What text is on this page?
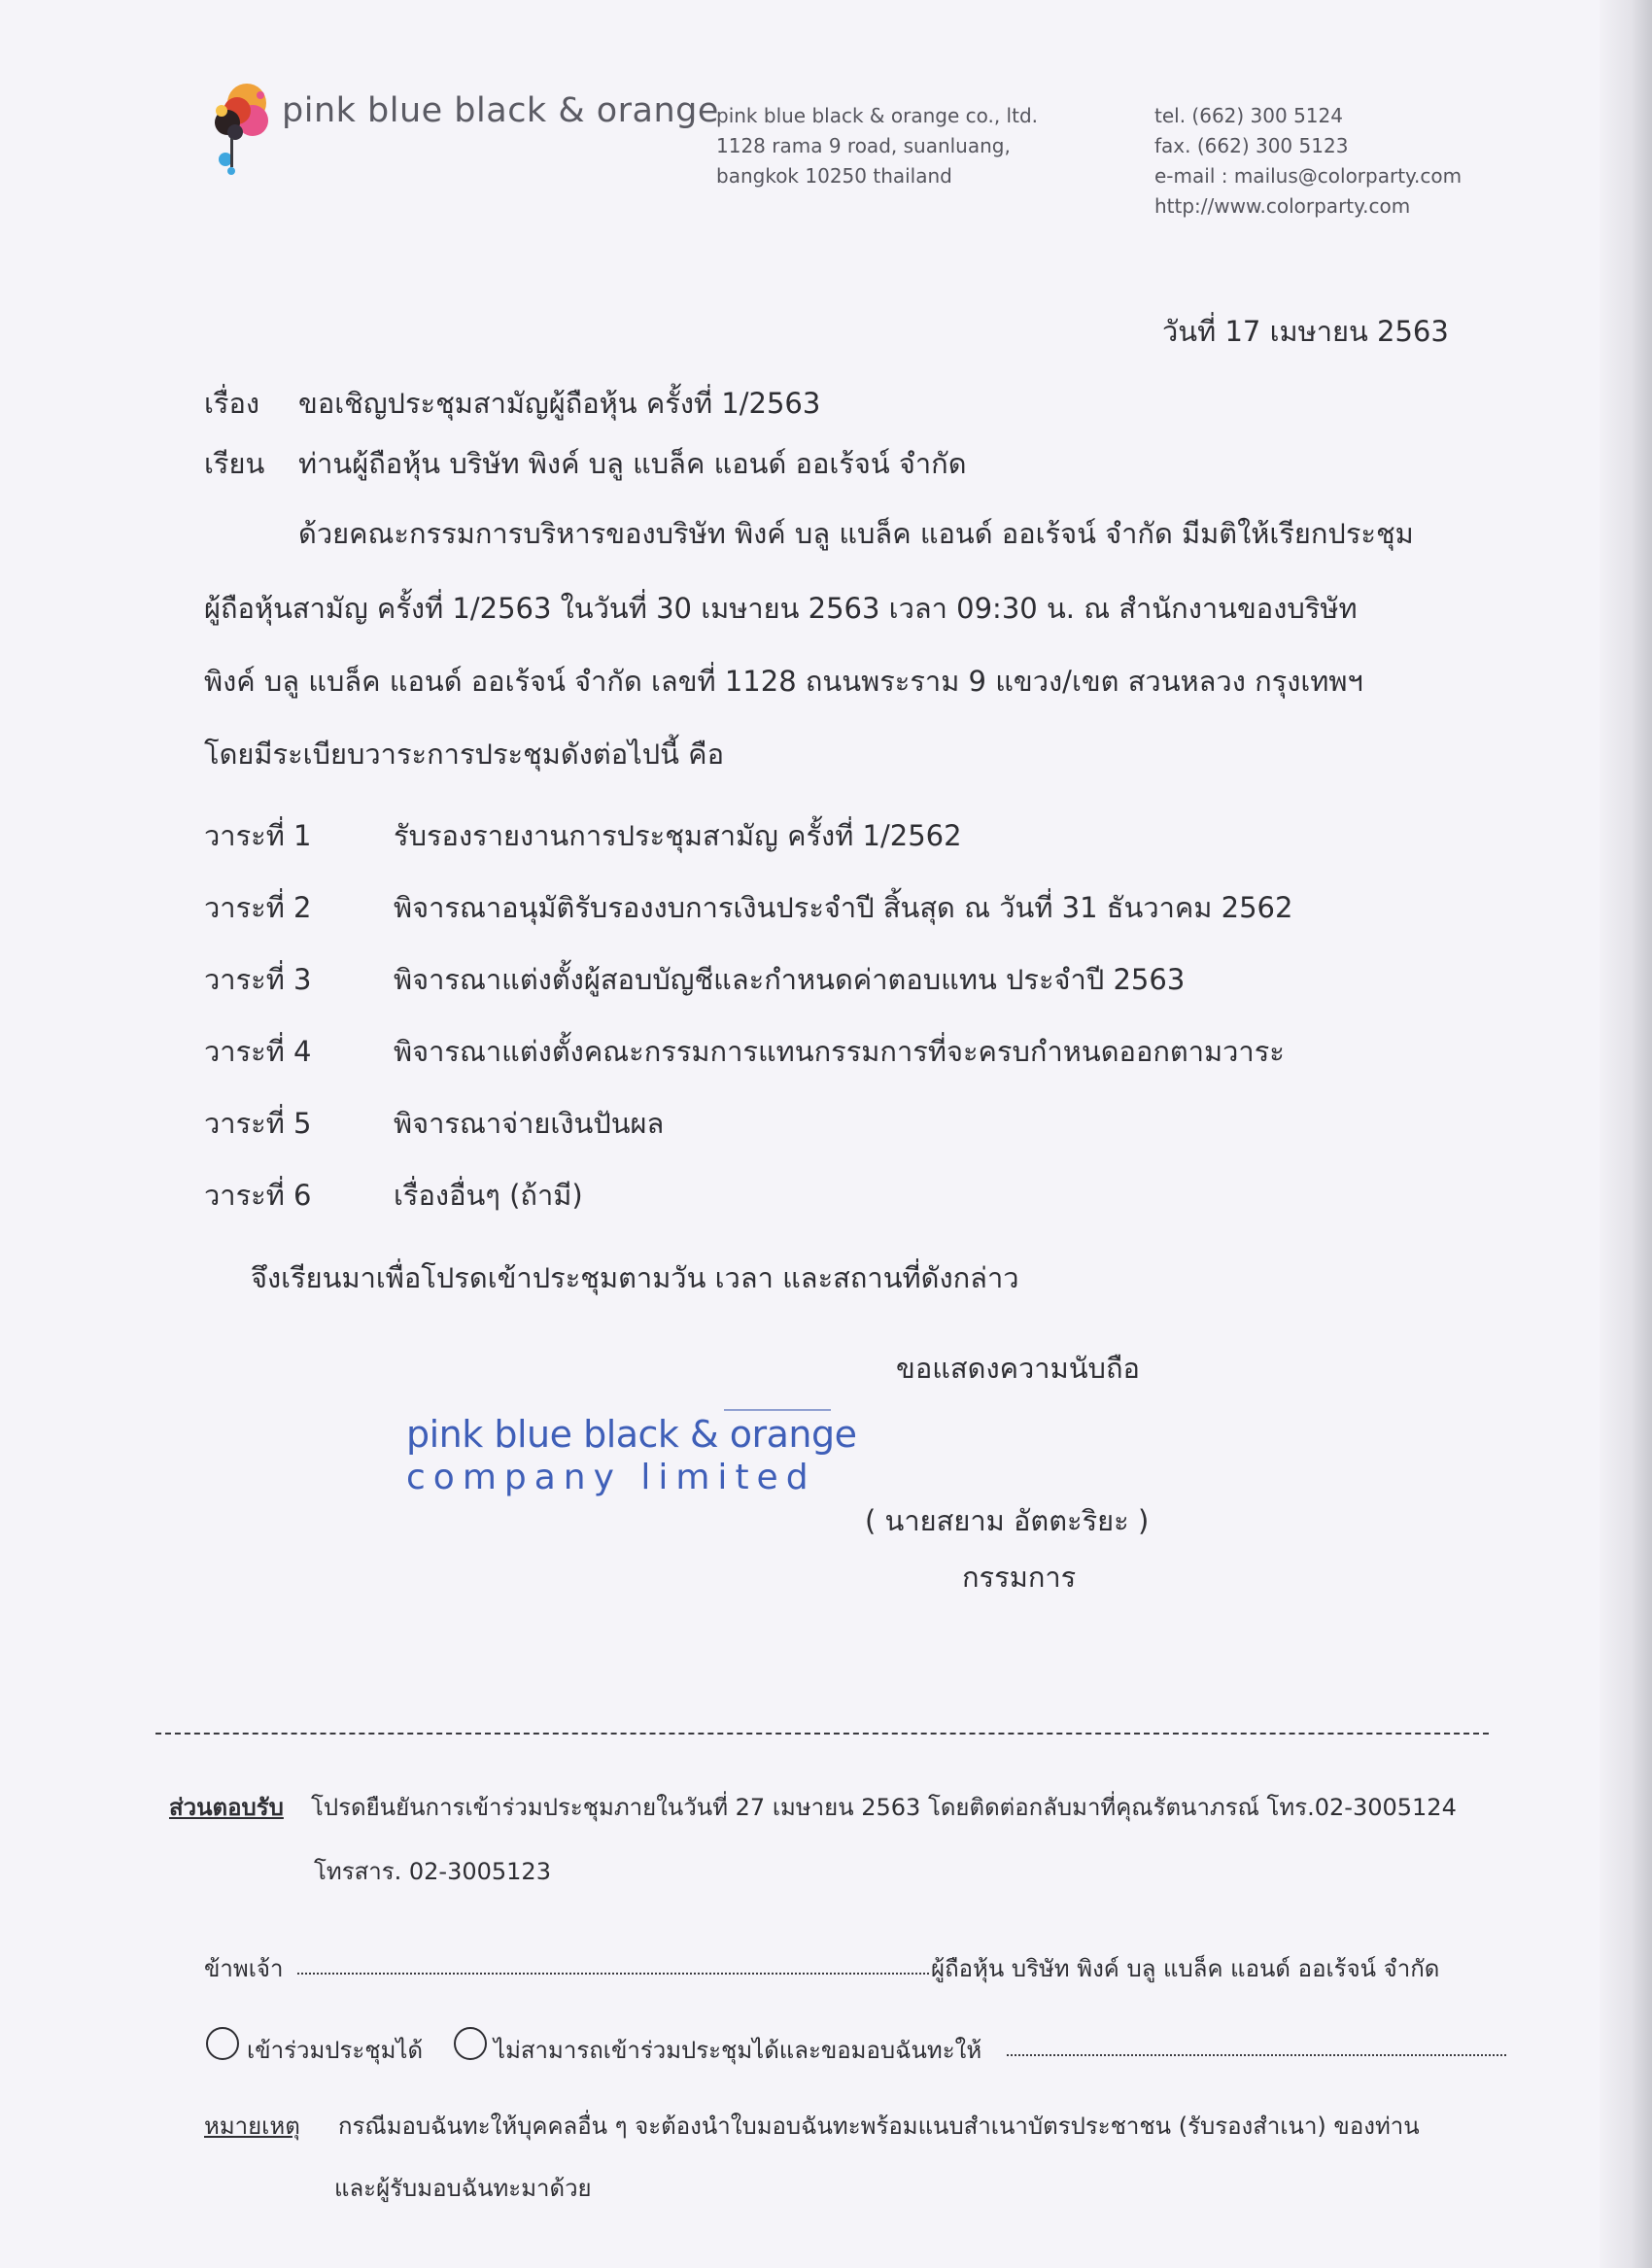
pink blue black & orange
pink blue black & orange co., ltd.
1128 rama 9 road, suanluang,
bangkok 10250 thailand
tel. (662) 300 5124
fax. (662) 300 5123
e-mail : mailus@colorparty.com
http://www.colorparty.com
วันที่ 17 เมษายน 2563
เรื่อง ขอเชิญประชุมสามัญผู้ถือหุ้น ครั้งที่ 1/2563
เรียน ท่านผู้ถือหุ้น บริษัท พิงค์ บลู แบล็ค แอนด์ ออเร้จน์ จำกัด
ด้วยคณะกรรมการบริหารของบริษัท พิงค์ บลู แบล็ค แอนด์ ออเร้จน์ จำกัด มีมติให้เรียกประชุม
ผู้ถือหุ้นสามัญ ครั้งที่ 1/2563 ในวันที่ 30 เมษายน 2563 เวลา 09:30 น. ณ สำนักงานของบริษัท
พิงค์ บลู แบล็ค แอนด์ ออเร้จน์ จำกัด เลขที่ 1128 ถนนพระราม 9 แขวง/เขต สวนหลวง กรุงเทพฯ
โดยมีระเบียบวาระการประชุมดังต่อไปนี้ คือ
วาระที่ 1	รับรองรายงานการประชุมสามัญ ครั้งที่ 1/2562
วาระที่ 2	พิจารณาอนุมัติรับรองงบการเงินประจำปี สิ้นสุด ณ วันที่ 31 ธันวาคม 2562
วาระที่ 3	พิจารณาแต่งตั้งผู้สอบบัญชีและกำหนดค่าตอบแทน ประจำปี 2563
วาระที่ 4	พิจารณาแต่งตั้งคณะกรรมการแทนกรรมการที่จะครบกำหนดออกตามวาระ
วาระที่ 5	พิจารณาจ่ายเงินปันผล
วาระที่ 6	เรื่องอื่นๆ (ถ้ามี)
จึงเรียนมาเพื่อโปรดเข้าประชุมตามวัน เวลา และสถานที่ดังกล่าว
ขอแสดงความนับถือ
pink blue black & orange
company limited
( นายสยาม อัตตะริยะ )
กรรมการ
ส่วนตอบรับ โปรดยืนยันการเข้าร่วมประชุมภายในวันที่ 27 เมษายน 2563 โดยติดต่อกลับมาที่คุณรัตนาภรณ์ โทร.02-3005124
โทรสาร. 02-3005123
ข้าพเจ้า	ผู้ถือหุ้น บริษัท พิงค์ บลู แบล็ค แอนด์ ออเร้จน์ จำกัด
เข้าร่วมประชุมได้	ไม่สามารถเข้าร่วมประชุมได้และขอมอบฉันทะให้
หมายเหตุ กรณีมอบฉันทะให้บุคคลอื่น ๆ จะต้องนำใบมอบฉันทะพร้อมแนบสำเนาบัตรประชาชน (รับรองสำเนา) ของท่าน
และผู้รับมอบฉันทะมาด้วย
